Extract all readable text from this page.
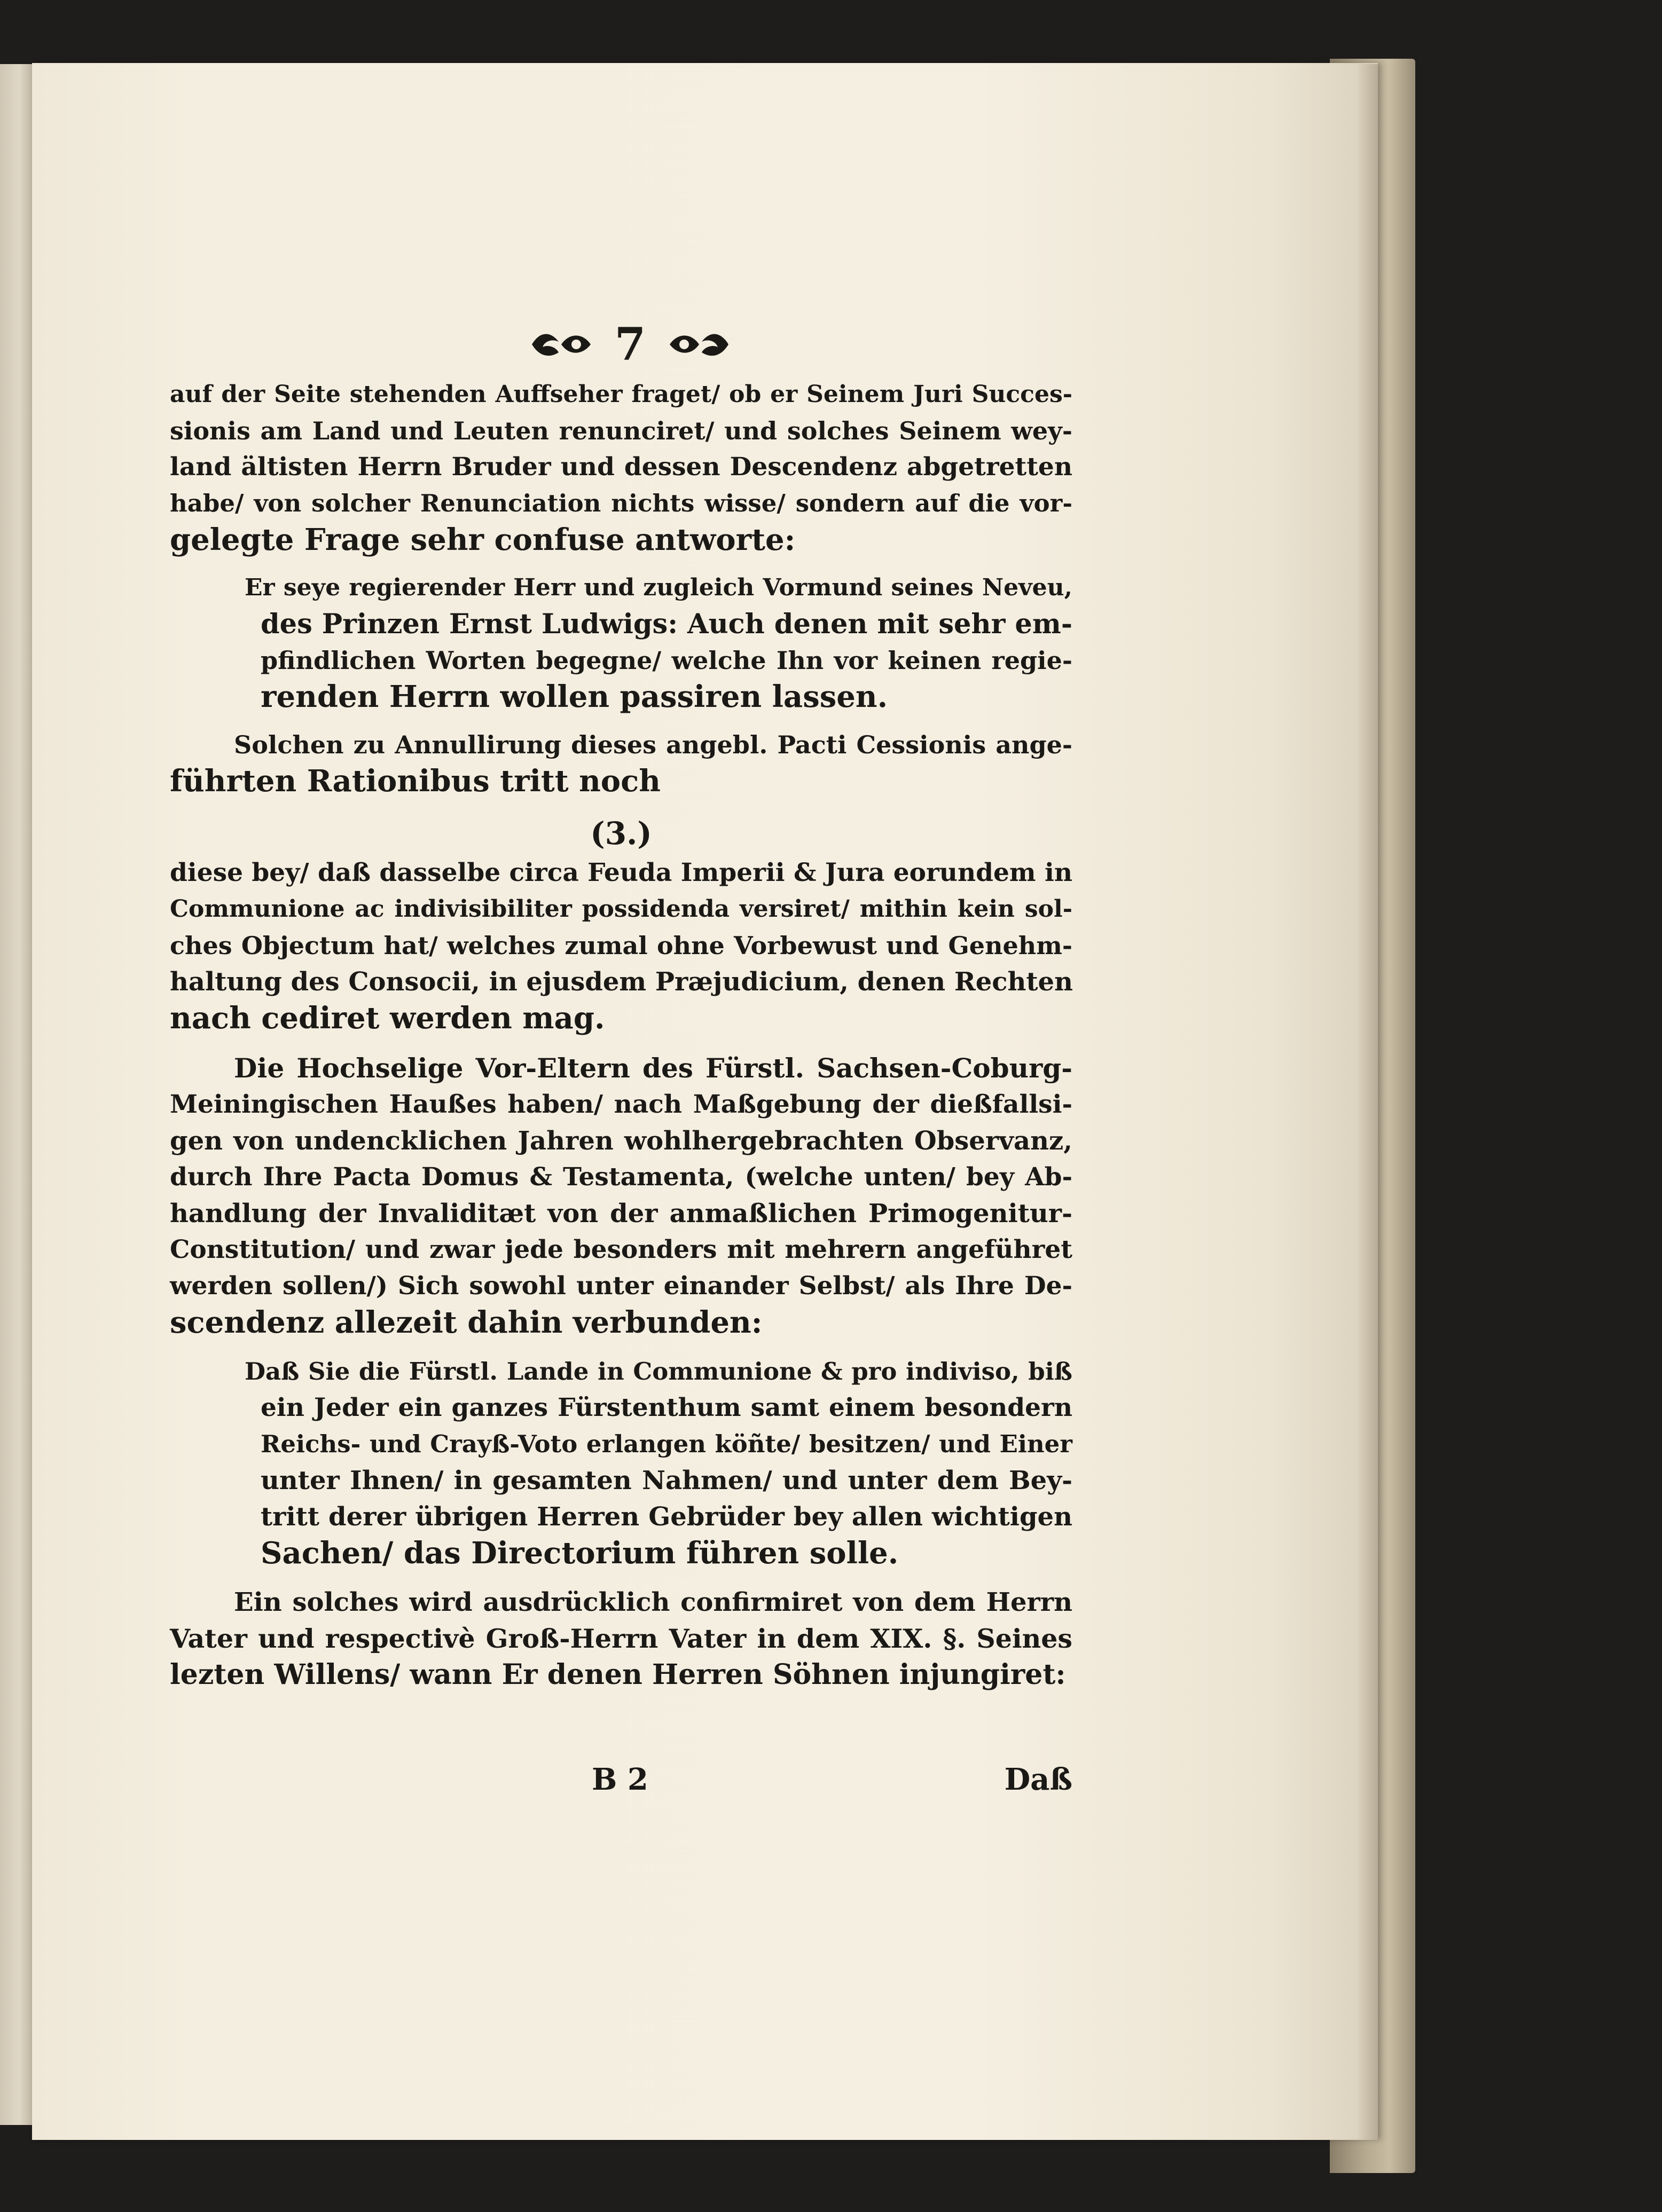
7
auf der Seite stehenden Auffseher fraget/ ob er Seinem Juri Succes-
sionis am Land und Leuten renunciret/ und solches Seinem wey-
land ältisten Herrn Bruder und dessen Descendenz abgetretten
habe/ von solcher Renunciation nichts wisse/ sondern auf die vor-
gelegte Frage sehr confuse antworte:
Er seye regierender Herr und zugleich Vormund seines Neveu,
des Prinzen Ernst Ludwigs: Auch denen mit sehr em-
pfindlichen Worten begegne/ welche Ihn vor keinen regie-
renden Herrn wollen passiren lassen.
Solchen zu Annullirung dieses angebl. Pacti Cessionis ange-
führten Rationibus tritt noch
(3.)
diese bey/ daß dasselbe circa Feuda Imperii & Jura eorundem in
Communione ac indivisibiliter possidenda versiret/ mithin kein sol-
ches Objectum hat/ welches zumal ohne Vorbewust und Genehm-
haltung des Consocii, in ejusdem Præjudicium, denen Rechten
nach cediret werden mag.
Die Hochselige Vor-Eltern des Fürstl. Sachsen-Coburg-
Meiningischen Haußes haben/ nach Maßgebung der dießfallsi-
gen von undencklichen Jahren wohlhergebrachten Observanz,
durch Ihre Pacta Domus & Testamenta, (welche unten/ bey Ab-
handlung der Invaliditæt von der anmaßlichen Primogenitur-
Constitution/ und zwar jede besonders mit mehrern angeführet
werden sollen/) Sich sowohl unter einander Selbst/ als Ihre De-
scendenz allezeit dahin verbunden:
Daß Sie die Fürstl. Lande in Communione & pro indiviso, biß
ein Jeder ein ganzes Fürstenthum samt einem besondern
Reichs- und Crayß-Voto erlangen köñte/ besitzen/ und Einer
unter Ihnen/ in gesamten Nahmen/ und unter dem Bey-
tritt derer übrigen Herren Gebrüder bey allen wichtigen
Sachen/ das Directorium führen solle.
Ein solches wird ausdrücklich confirmiret von dem Herrn
Vater und respectivè Groß-Herrn Vater in dem XIX. §. Seines
lezten Willens/ wann Er denen Herren Söhnen injungiret:
B 2	Daß
